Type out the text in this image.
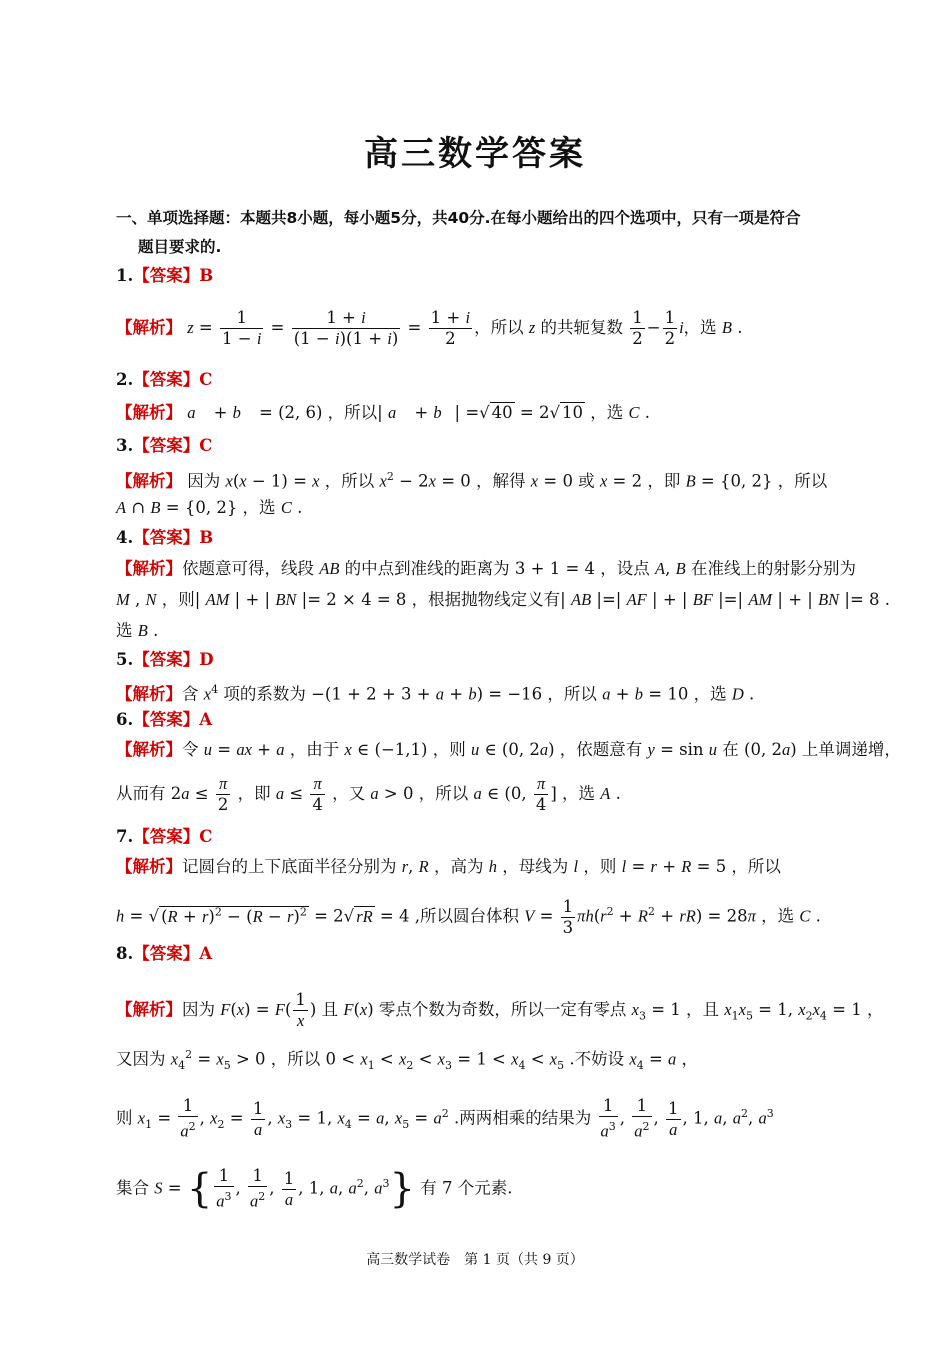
高三数学答案
一、单项选择题：本题共8小题，每小题5分，共40分.在每小题给出的四个选项中，只有一项是符合
题目要求的.
1.【答案】B
【解析】 $z = \frac{1}{1 - i} = \frac{1 + i}{(1 - i)(1 + i)} = \frac{1 + i}{2}$ ，所以 z 的共轭复数 $\frac{1}{2} - \frac{1}{2}$ i，选 B .
2.【答案】C
【解析】 a⃗ + b⃗ = (2, 6) ，所以| a⃗ + b⃗| =√ 40 = 2√ 10 ，选 C .
3.【答案】C
【解析】 因为 x(x − 1) = x ，所以 $x^2 - 2x = 0$ ，解得 x = 0 或 x = 2 ，即 B = {0, 2} ，所以
A ∩ B = {0, 2} ，选 C .
4.【答案】B
【解析】依题意可得，线段 AB 的中点到准线的距离为 3 + 1 = 4 ，设点 A, B 在准线上的射影分别为
M , N ，则| AM | + | BN |= 2 × 4 = 8 ，根据抛物线定义有| AB |=| AF | + | BF |=| AM | + | BN |= 8 .
选 B .
5.【答案】D
【解析】含 $x^4$ 项的系数为 −(1 + 2 + 3 + a + b) = −16 ，所以 a + b = 10 ，选 D .
6.【答案】A
【解析】令 u = ax + a ，由于 x ∈ (−1,1) ，则 u ∈ (0, 2a) ，依题意有 y = sin u 在 (0, 2a) 上单调递增，
从而有 $2a \le \frac{\pi}{2}$ ，即 $a \le \frac{\pi}{4}$ ，又 a > 0 ，所以 a ∈ (0, $\frac{\pi}{4}$ ] ，选 A .
7.【答案】C
【解析】记圆台的上下底面半径分别为 r, R ，高为 h ，母线为 l ，则 l = r + R = 5 ，所以
h = √ $(R + r)^2 - (R - r)^2 = 2√$ rR = 4 ,所以圆台体积 $V = \frac{1}{3} \pi h(r^2 + R^2 + rR) = 28\pi$ ，选 C .
8.【答案】A
【解析】因为 $F(x) = F( \frac{1}{x}$ ) 且 F(x) 零点个数为奇数，所以一定有零点 $x_3 = 1$ ，且 $x_1x_5 = 1$, $x_2x_4 = 1$ ，
又因为 $x_4^2 = x_5 > 0$ ，所以 $0 < x_1 < x_2 < x_3 = 1 < x_4 < x_5$ .不妨设 $x_4 = a$ ，
则 $x_1 = \frac{1}{a^2}$ , $x_2 = \frac{1}{a}$ , $x_3 = 1$, $x_4 = a$, $x_5 = a^2$ .两两相乘的结果为 $\frac{1}{a^3}$ , $\frac{1}{a^2}$ , $\frac{1}{a}$ , 1, a, $a^2$, $a^3$
集合 S = { $\frac{1}{a^3}$ , $\frac{1}{a^2}$ , $\frac{1}{a}$ , 1, a, $a^2$, $a^3$} 有 7 个元素.
高三数学试卷　第 1 页（共 9 页）
